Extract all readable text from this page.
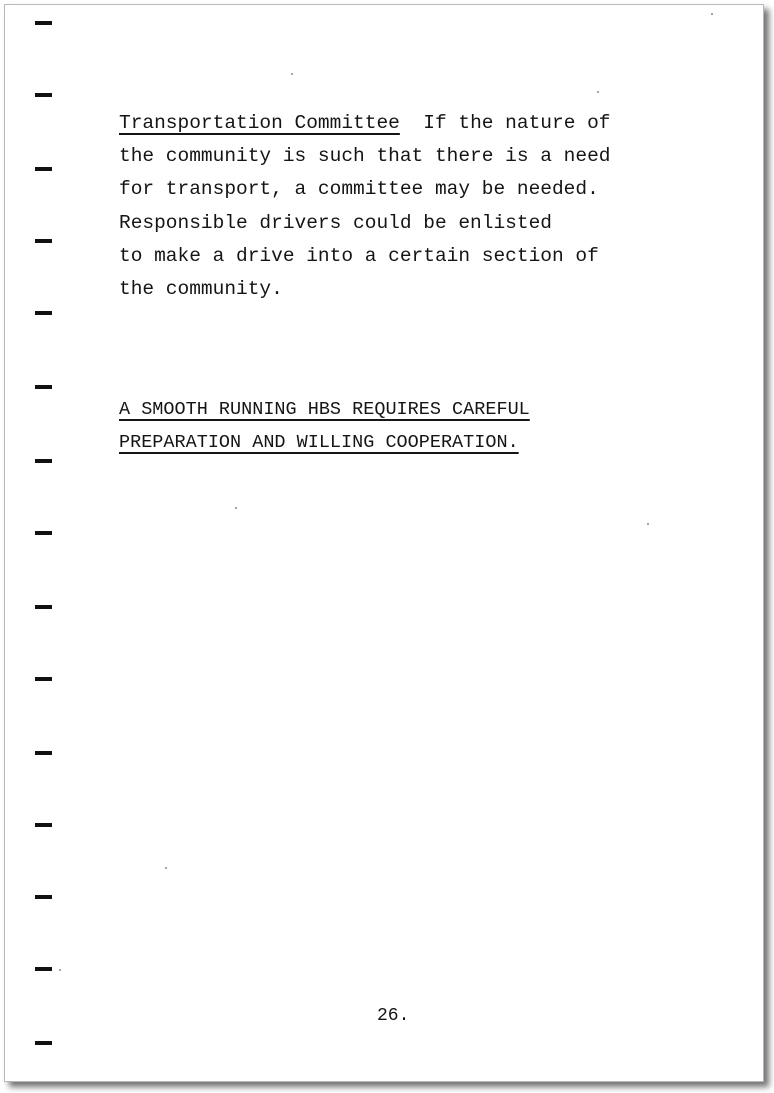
Transportation Committee If the nature of
the community is such that there is a need
for transport, a committee may be needed.
Responsible drivers could be enlisted
to make a drive into a certain section of
the community.
A SMOOTH RUNNING HBS REQUIRES CAREFUL
PREPARATION AND WILLING COOPERATION.
26.
